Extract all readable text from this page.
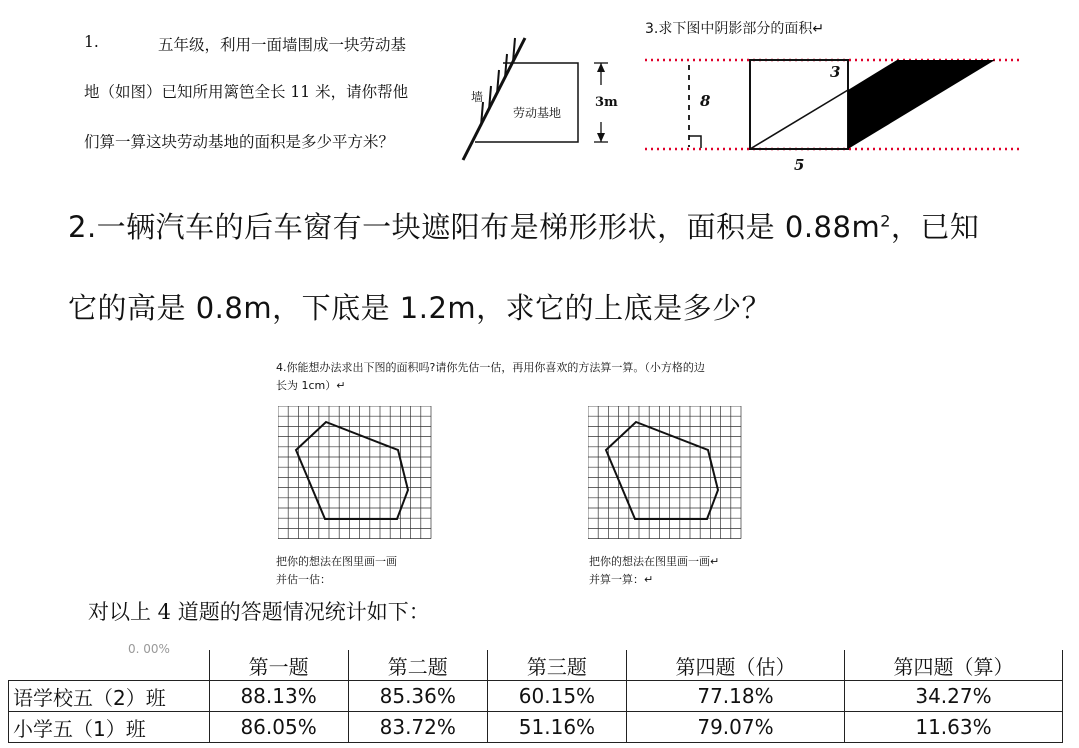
1.	五年级，利用一面墙围成一块劳动基
地（如图）已知所用篱笆全长 11 米，请你帮他
们算一算这块劳动基地的面积是多少平方米？
墙
劳动基地
3m
3.求下图中阴影部分的面积↵
8
3
5
2.一辆汽车的后车窗有一块遮阳布是梯形形状，面积是 $0.88m^2$，已知
它的高是 0.8m，下底是 1.2m，求它的上底是多少？
4.你能想办法求出下图的面积吗?请你先估一估，再用你喜欢的方法算一算。（小方格的边
长为 1cm）↵
把你的想法在图里画一画
并估一估：
把你的想法在图里画一画↵
并算一算：↵
对以上 4 道题的答题情况统计如下：
0. 00%
	第一题	第二题	第三题	第四题（估）	第四题（算）
语学校五（2）班	88.13%	85.36%	60.15%	77.18%	34.27%
小学五（1）班	86.05%	83.72%	51.16%	79.07%	11.63%
